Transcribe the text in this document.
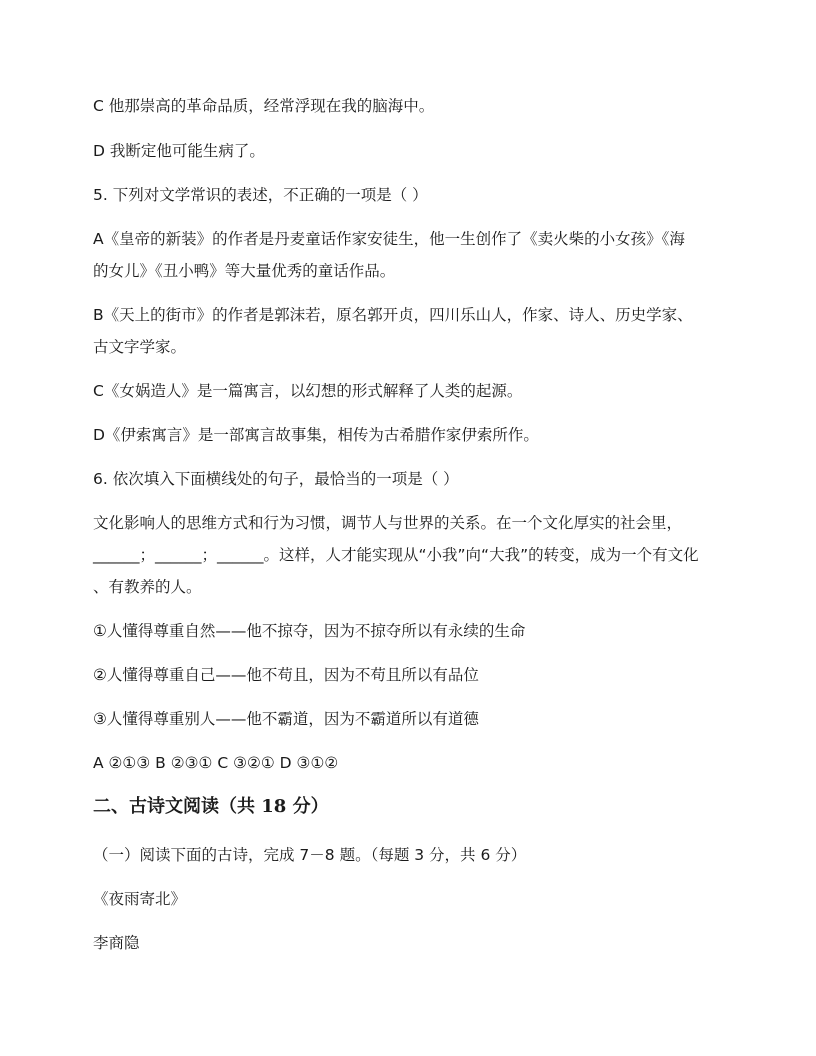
C 他那崇高的革命品质，经常浮现在我的脑海中。
D 我断定他可能生病了。
5. 下列对文学常识的表述，不正确的一项是（ ）
A《皇帝的新装》的作者是丹麦童话作家安徒生，他一生创作了《卖火柴的小女孩》《海
的女儿》《丑小鸭》等大量优秀的童话作品。
B《天上的街市》的作者是郭沫若，原名郭开贞，四川乐山人，作家、诗人、历史学家、
古文字学家。
C《女娲造人》是一篇寓言，以幻想的形式解释了人类的起源。
D《伊索寓言》是一部寓言故事集，相传为古希腊作家伊索所作。
6. 依次填入下面横线处的句子，最恰当的一项是（ ）
文化影响人的思维方式和行为习惯，调节人与世界的关系。在一个文化厚实的社会里，
______；______；______。这样，人才能实现从“小我”向“大我”的转变，成为一个有文化
、有教养的人。
①人懂得尊重自然——他不掠夺，因为不掠夺所以有永续的生命
②人懂得尊重自己——他不苟且，因为不苟且所以有品位
③人懂得尊重别人——他不霸道，因为不霸道所以有道德
A ②①③ B ②③① C ③②① D ③①②
二、古诗文阅读（共 18 分）
（一）阅读下面的古诗，完成 7－8 题。（每题 3 分，共 6 分）
《夜雨寄北》
李商隐
